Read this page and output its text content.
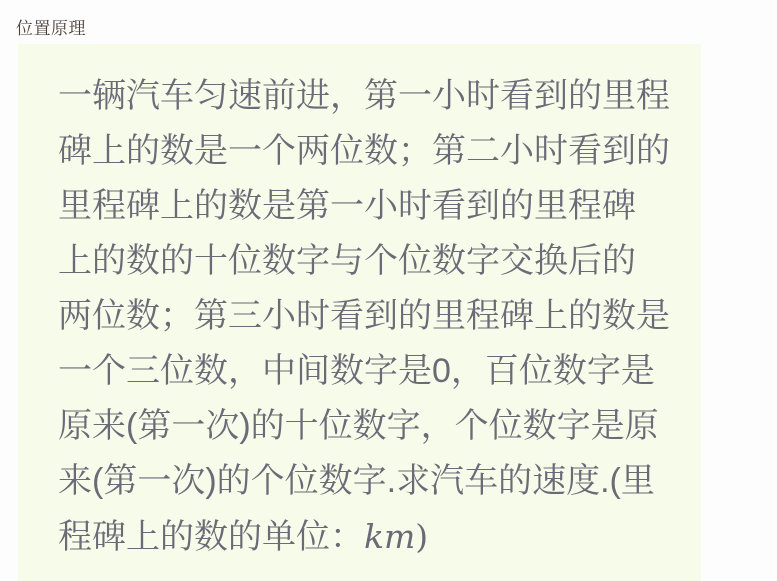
位置原理
一辆汽车匀速前进，第一小时看到的里程
碑上的数是一个两位数；第二小时看到的
里程碑上的数是第一小时看到的里程碑
上的数的十位数字与个位数字交换后的
两位数；第三小时看到的里程碑上的数是
一个三位数，中间数字是0，百位数字是
原来(第一次)的十位数字，个位数字是原
来(第一次)的个位数字.求汽车的速度.(里
程碑上的数的单位：km)
